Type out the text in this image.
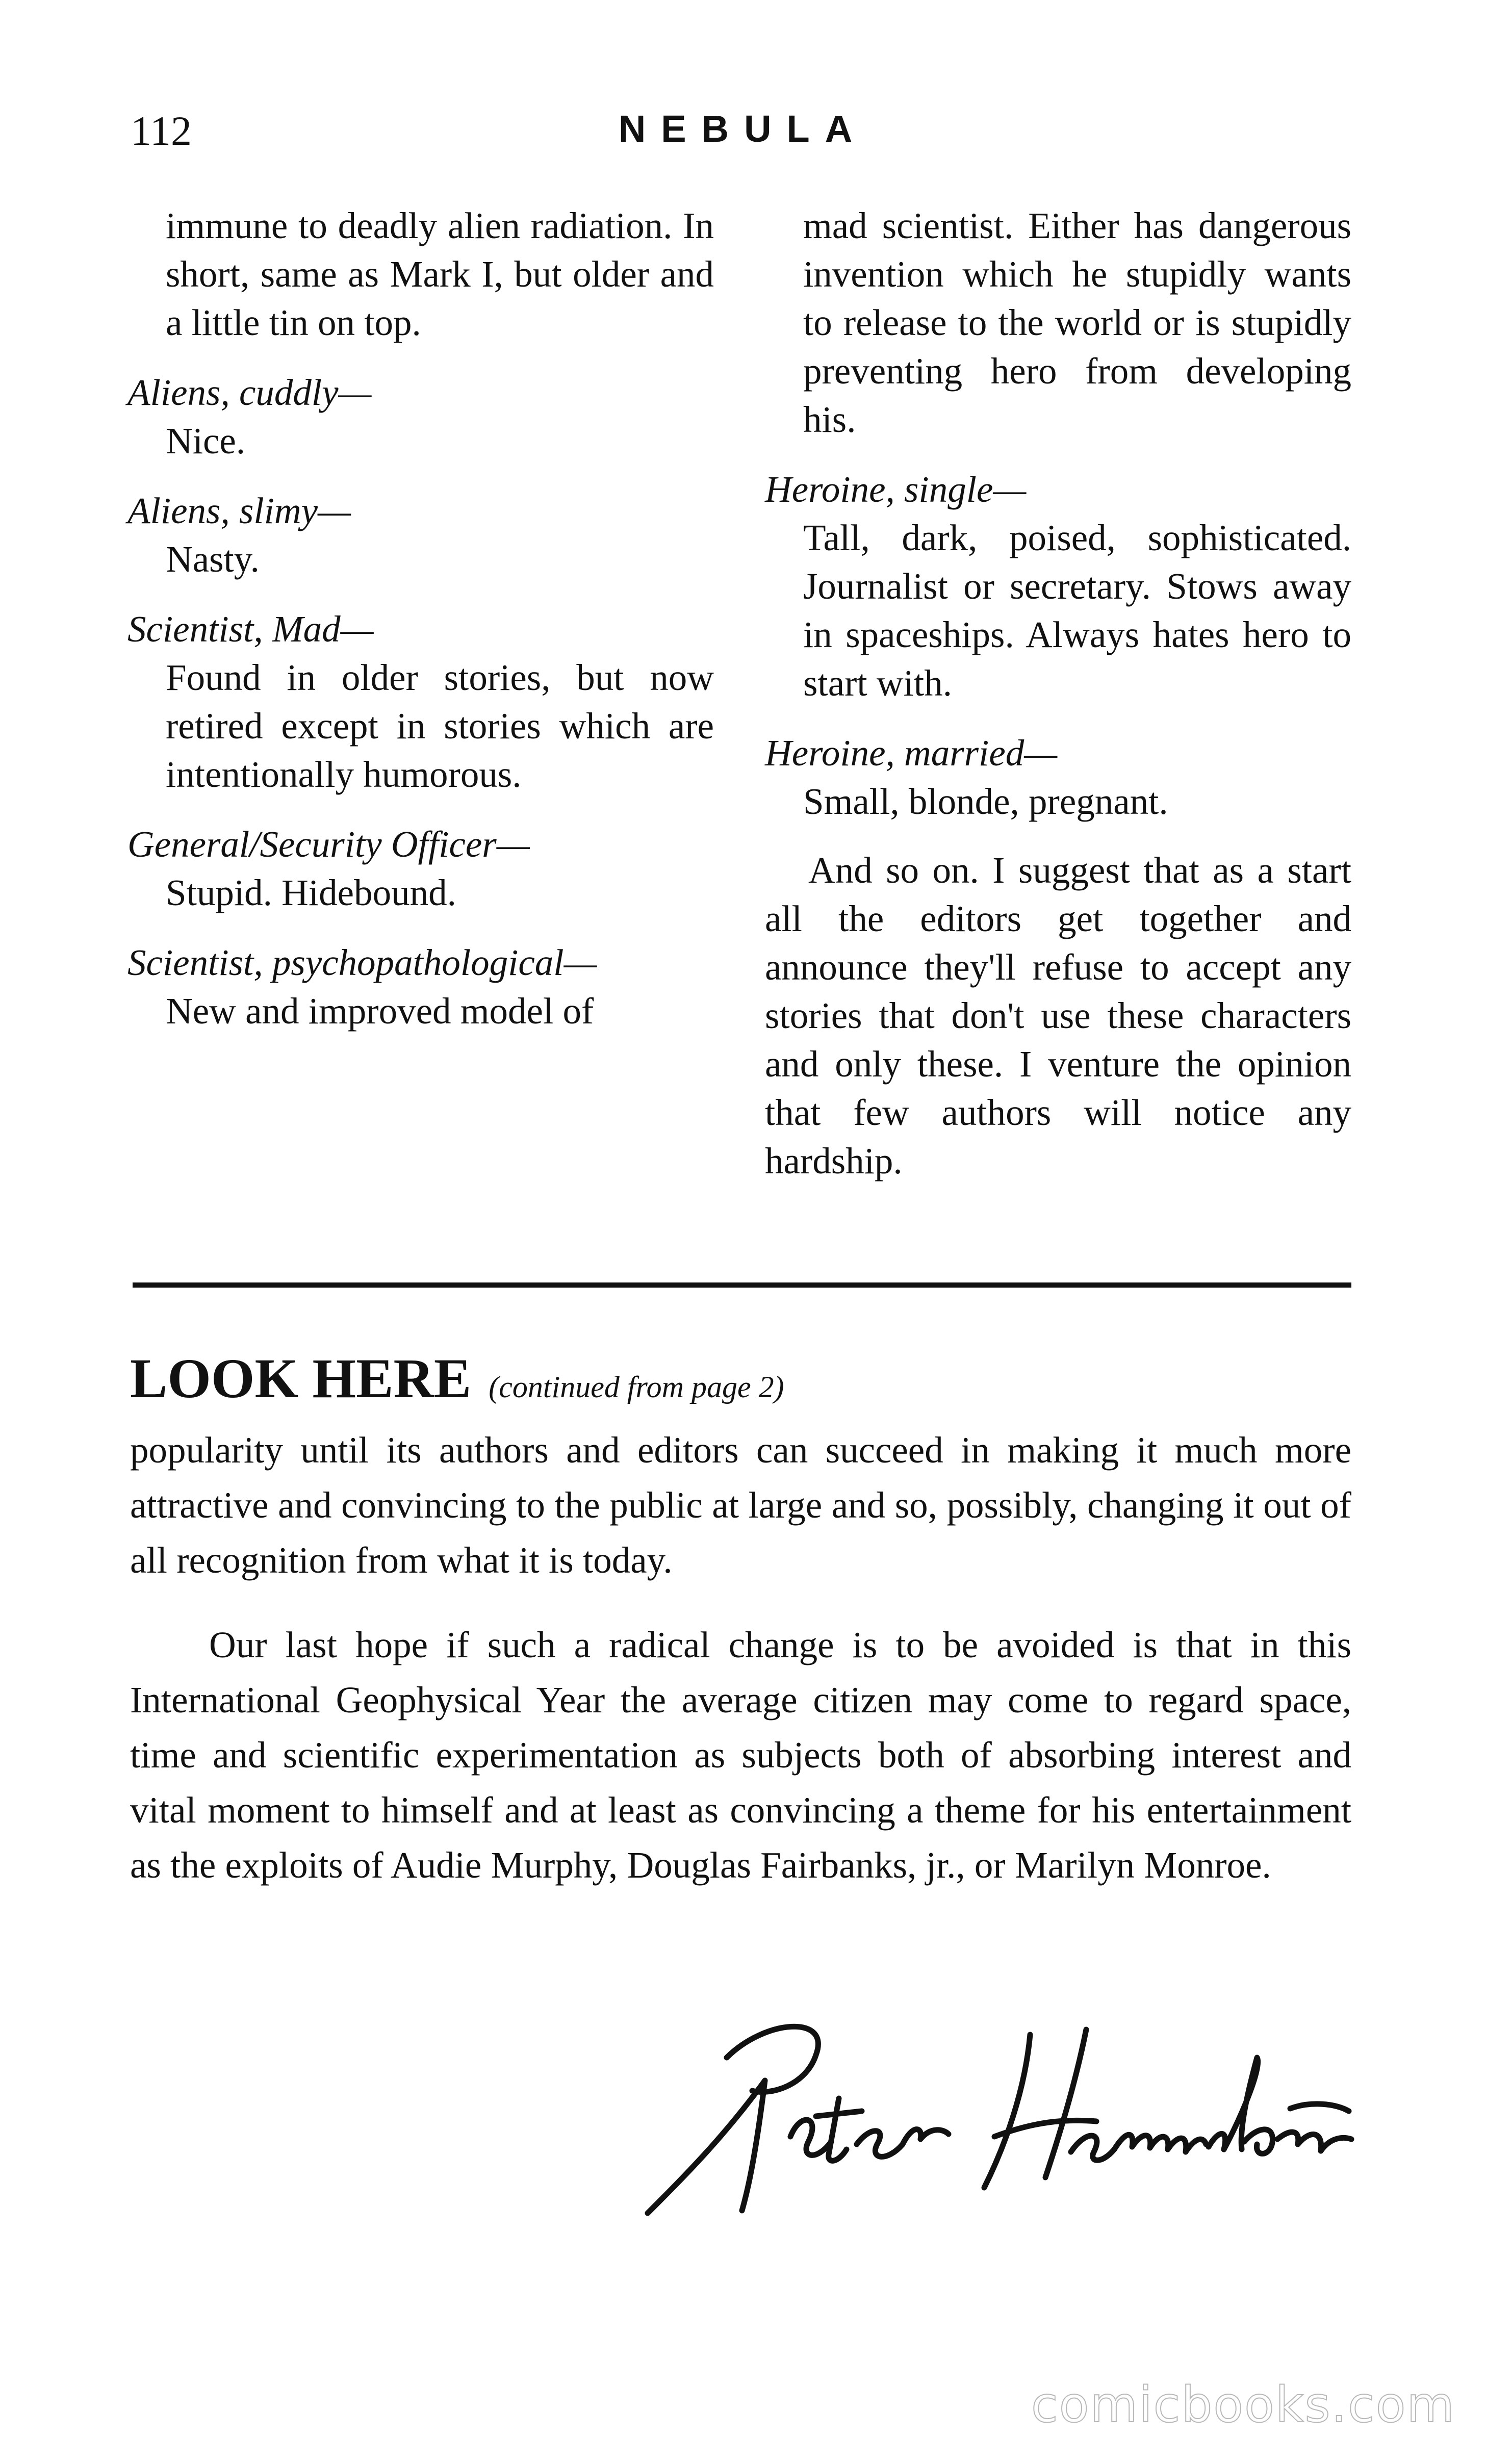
112	NEBULA
immune to deadly alien radiation. In short, same as Mark I, but older and a little tin on top.
Aliens, cuddly—
Nice.
Aliens, slimy—
Nasty.
Scientist, Mad—
Found in older stories, but now retired except in stories which are intentionally humorous.
General/Security Officer—
Stupid. Hidebound.
Scientist, psychopathological—
New and improved model of
mad scientist. Either has dangerous invention which he stupidly wants to release to the world or is stupidly preventing hero from developing his.
Heroine, single—
Tall, dark, poised, sophisticated. Journalist or secretary. Stows away in spaceships. Always hates hero to start with.
Heroine, married—
Small, blonde, pregnant.
And so on. I suggest that as a start all the editors get together and announce they'll refuse to accept any stories that don't use these characters and only these. I venture the opinion that few authors will notice any hardship.
LOOK HERE (continued from page 2)

popularity until its authors and editors can succeed in making it much more attractive and convincing to the public at large and so, possibly, changing it out of all recognition from what it is today.

Our last hope if such a radical change is to be avoided is that in this International Geophysical Year the average citizen may come to regard space, time and scientific experimentation as subjects both of absorbing interest and vital moment to himself and at least as convincing a theme for his entertainment as the exploits of Audie Murphy, Douglas Fairbanks, jr., or Marilyn Monroe.

Peter Hamilton
comicbooks.com
